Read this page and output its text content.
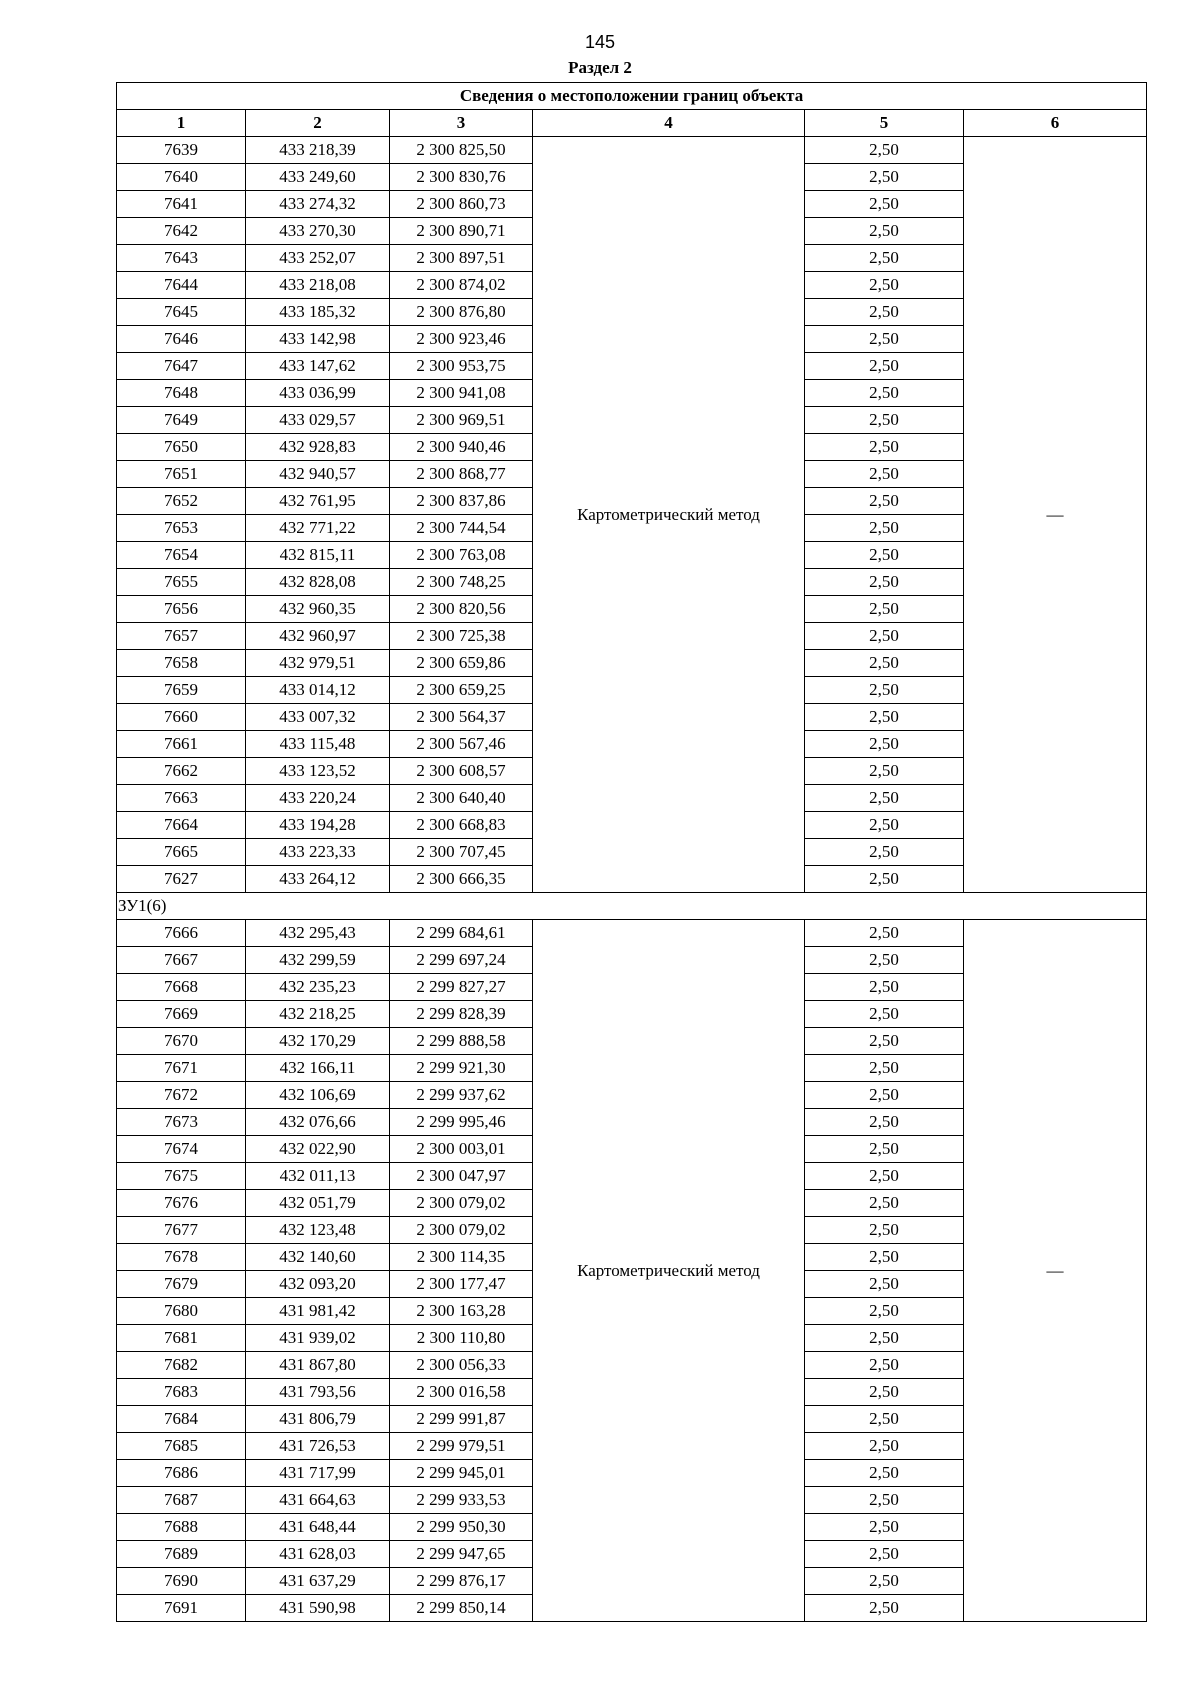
145
Раздел 2
Сведения о местоположении границ объекта					
1	2	3	4	5	6
7639	433 218,39	2 300 825,50	Картометрический метод	2,50	—
7640	433 249,60	2 300 830,76		2,50	
7641	433 274,32	2 300 860,73		2,50	
7642	433 270,30	2 300 890,71		2,50	
7643	433 252,07	2 300 897,51		2,50	
7644	433 218,08	2 300 874,02		2,50	
7645	433 185,32	2 300 876,80		2,50	
7646	433 142,98	2 300 923,46		2,50	
7647	433 147,62	2 300 953,75		2,50	
7648	433 036,99	2 300 941,08		2,50	
7649	433 029,57	2 300 969,51		2,50	
7650	432 928,83	2 300 940,46		2,50	
7651	432 940,57	2 300 868,77		2,50	
7652	432 761,95	2 300 837,86		2,50	
7653	432 771,22	2 300 744,54		2,50	
7654	432 815,11	2 300 763,08		2,50	
7655	432 828,08	2 300 748,25		2,50	
7656	432 960,35	2 300 820,56		2,50	
7657	432 960,97	2 300 725,38		2,50	
7658	432 979,51	2 300 659,86		2,50	
7659	433 014,12	2 300 659,25		2,50	
7660	433 007,32	2 300 564,37		2,50	
7661	433 115,48	2 300 567,46		2,50	
7662	433 123,52	2 300 608,57		2,50	
7663	433 220,24	2 300 640,40		2,50	
7664	433 194,28	2 300 668,83		2,50	
7665	433 223,33	2 300 707,45		2,50	
7627	433 264,12	2 300 666,35		2,50	
ЗУ1(6)					
7666	432 295,43	2 299 684,61	Картометрический метод	2,50	—
7667	432 299,59	2 299 697,24		2,50	
7668	432 235,23	2 299 827,27		2,50	
7669	432 218,25	2 299 828,39		2,50	
7670	432 170,29	2 299 888,58		2,50	
7671	432 166,11	2 299 921,30		2,50	
7672	432 106,69	2 299 937,62		2,50	
7673	432 076,66	2 299 995,46		2,50	
7674	432 022,90	2 300 003,01		2,50	
7675	432 011,13	2 300 047,97		2,50	
7676	432 051,79	2 300 079,02		2,50	
7677	432 123,48	2 300 079,02		2,50	
7678	432 140,60	2 300 114,35		2,50	
7679	432 093,20	2 300 177,47		2,50	
7680	431 981,42	2 300 163,28		2,50	
7681	431 939,02	2 300 110,80		2,50	
7682	431 867,80	2 300 056,33		2,50	
7683	431 793,56	2 300 016,58		2,50	
7684	431 806,79	2 299 991,87		2,50	
7685	431 726,53	2 299 979,51		2,50	
7686	431 717,99	2 299 945,01		2,50	
7687	431 664,63	2 299 933,53		2,50	
7688	431 648,44	2 299 950,30		2,50	
7689	431 628,03	2 299 947,65		2,50	
7690	431 637,29	2 299 876,17		2,50	
7691	431 590,98	2 299 850,14		2,50	
